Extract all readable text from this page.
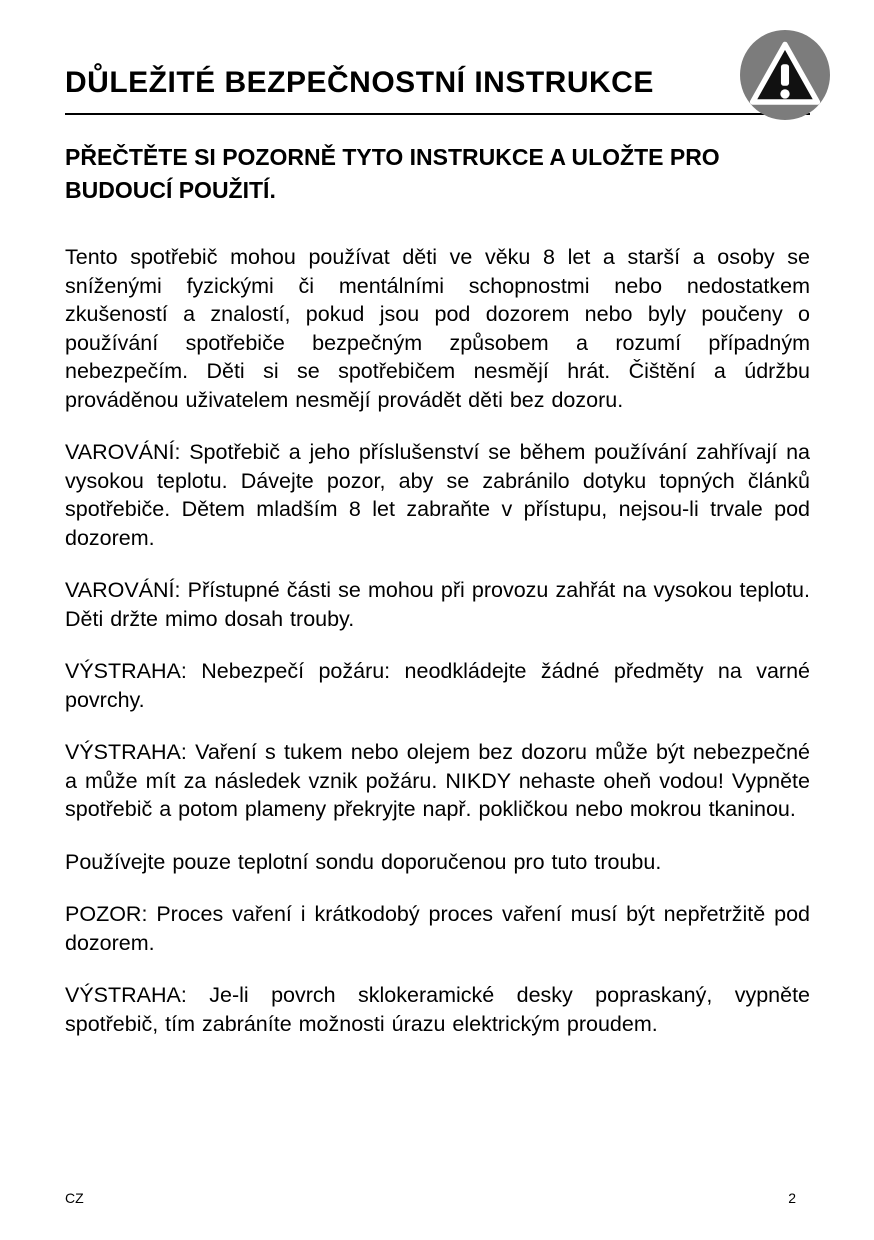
DŮLEŽITÉ BEZPEČNOSTNÍ INSTRUKCE
PŘEČTĚTE SI POZORNĚ TYTO INSTRUKCE A ULOŽTE PRO BUDOUCÍ POUŽITÍ.

Tento spotřebič mohou používat děti ve věku 8 let a starší a osoby se sníženými fyzickými či mentálními schopnostmi nebo nedostatkem zkušeností a znalostí, pokud jsou pod dozorem nebo byly poučeny o používání spotřebiče bezpečným způsobem a rozumí případným nebezpečím. Děti si se spotřebičem nesmějí hrát. Čištění a údržbu prováděnou uživatelem nesmějí provádět děti bez dozoru.

VAROVÁNÍ: Spotřebič a jeho příslušenství se během používání zahřívají na vysokou teplotu. Dávejte pozor, aby se zabránilo dotyku topných článků spotřebiče. Dětem mladším 8 let zabraňte v přístupu, nejsou-li trvale pod dozorem.

VAROVÁNÍ: Přístupné části se mohou při provozu zahřát na vysokou teplotu. Děti držte mimo dosah trouby.

VÝSTRAHA: Nebezpečí požáru: neodkládejte žádné předměty na varné povrchy.

VÝSTRAHA: Vaření s tukem nebo olejem bez dozoru může být nebezpečné a může mít za následek vznik požáru. NIKDY nehaste oheň vodou! Vypněte spotřebič a potom plameny překryjte např. pokličkou nebo mokrou tkaninou.

Používejte pouze teplotní sondu doporučenou pro tuto troubu.

POZOR: Proces vaření i krátkodobý proces vaření musí být nepřetržitě pod dozorem.

VÝSTRAHA: Je-li povrch sklokeramické desky popraskaný, vypněte spotřebič, tím zabráníte možnosti úrazu elektrickým proudem.

CZ	2
